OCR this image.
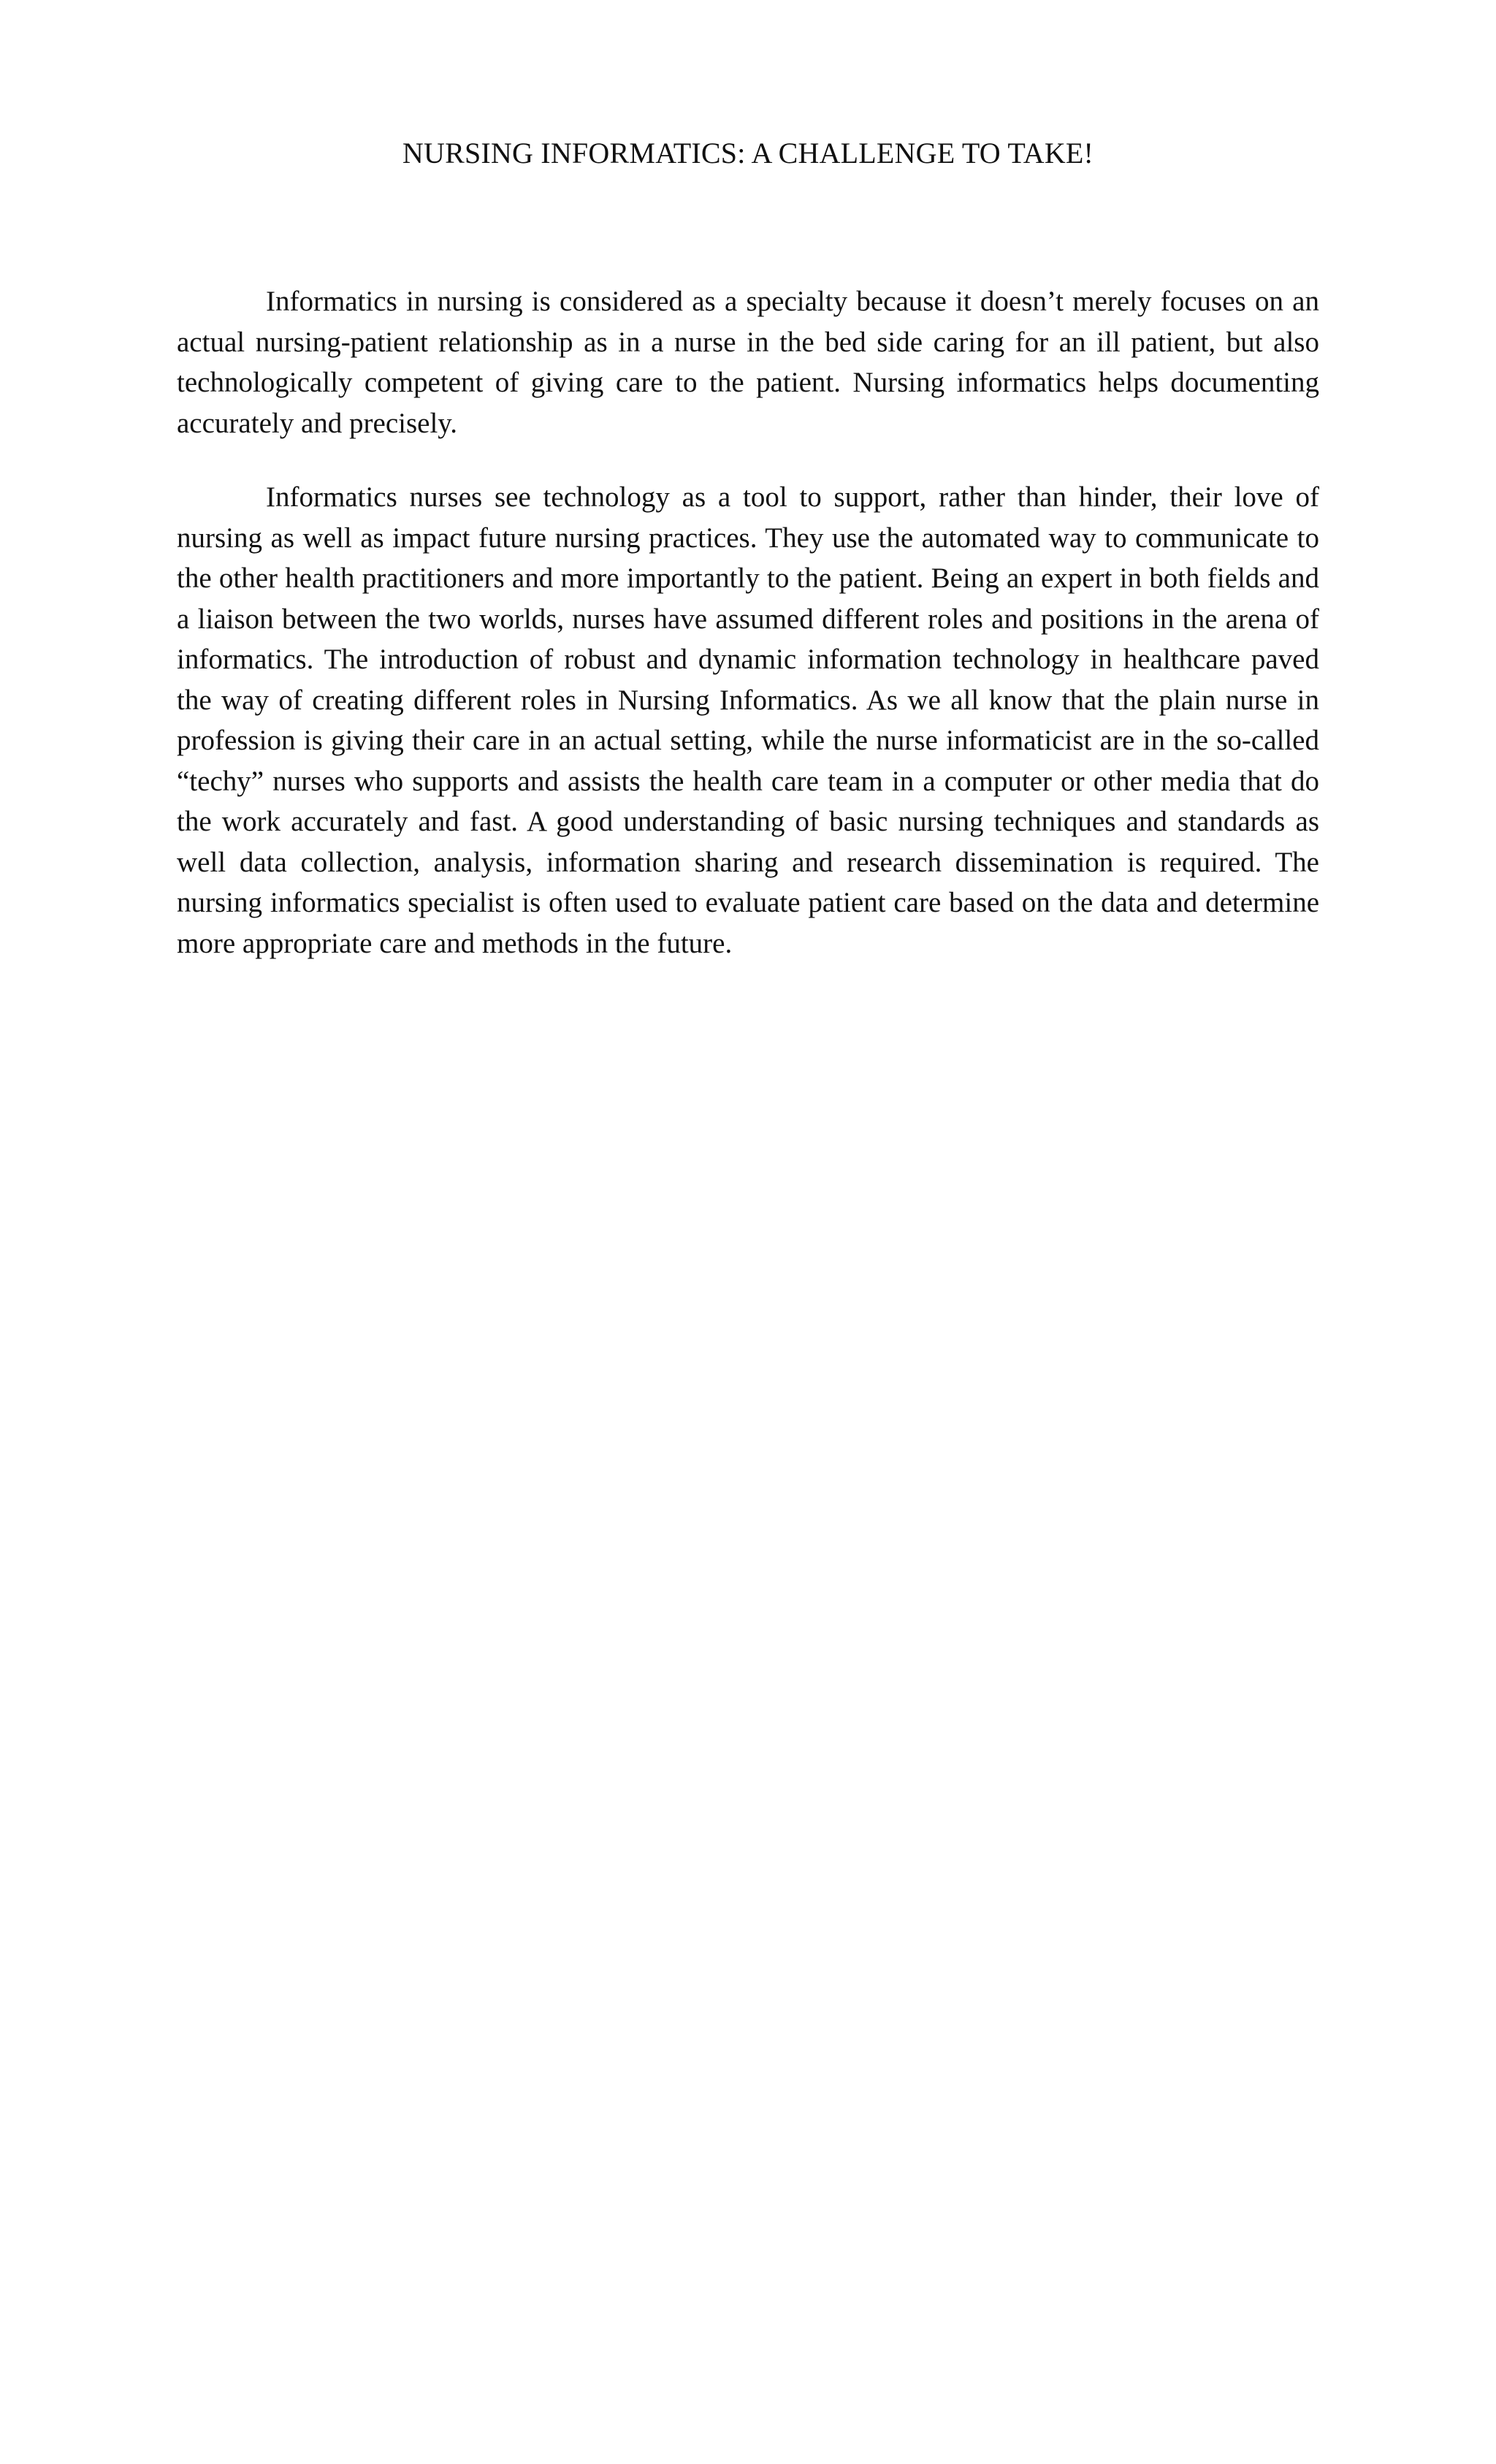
NURSING INFORMATICS: A CHALLENGE TO TAKE!

Informatics in nursing is considered as a specialty because it doesn’t merely focuses on an actual nursing-patient relationship as in a nurse in the bed side caring for an ill patient, but also technologically competent of giving care to the patient. Nursing informatics helps documenting accurately and precisely.

Informatics nurses see technology as a tool to support, rather than hinder, their love of nursing as well as impact future nursing practices. They use the automated way to communicate to the other health practitioners and more importantly to the patient. Being an expert in both fields and a liaison between the two worlds, nurses have assumed different roles and positions in the arena of informatics. The introduction of robust and dynamic information technology in healthcare paved the way of creating different roles in Nursing Informatics. As we all know that the plain nurse in profession is giving their care in an actual setting, while the nurse informaticist are in the so-called “techy” nurses who supports and assists the health care team in a computer or other media that do the work accurately and fast. A good understanding of basic nursing techniques and standards as well data collection, analysis, information sharing and research dissemination is required. The nursing informatics specialist is often used to evaluate patient care based on the data and determine more appropriate care and methods in the future.
